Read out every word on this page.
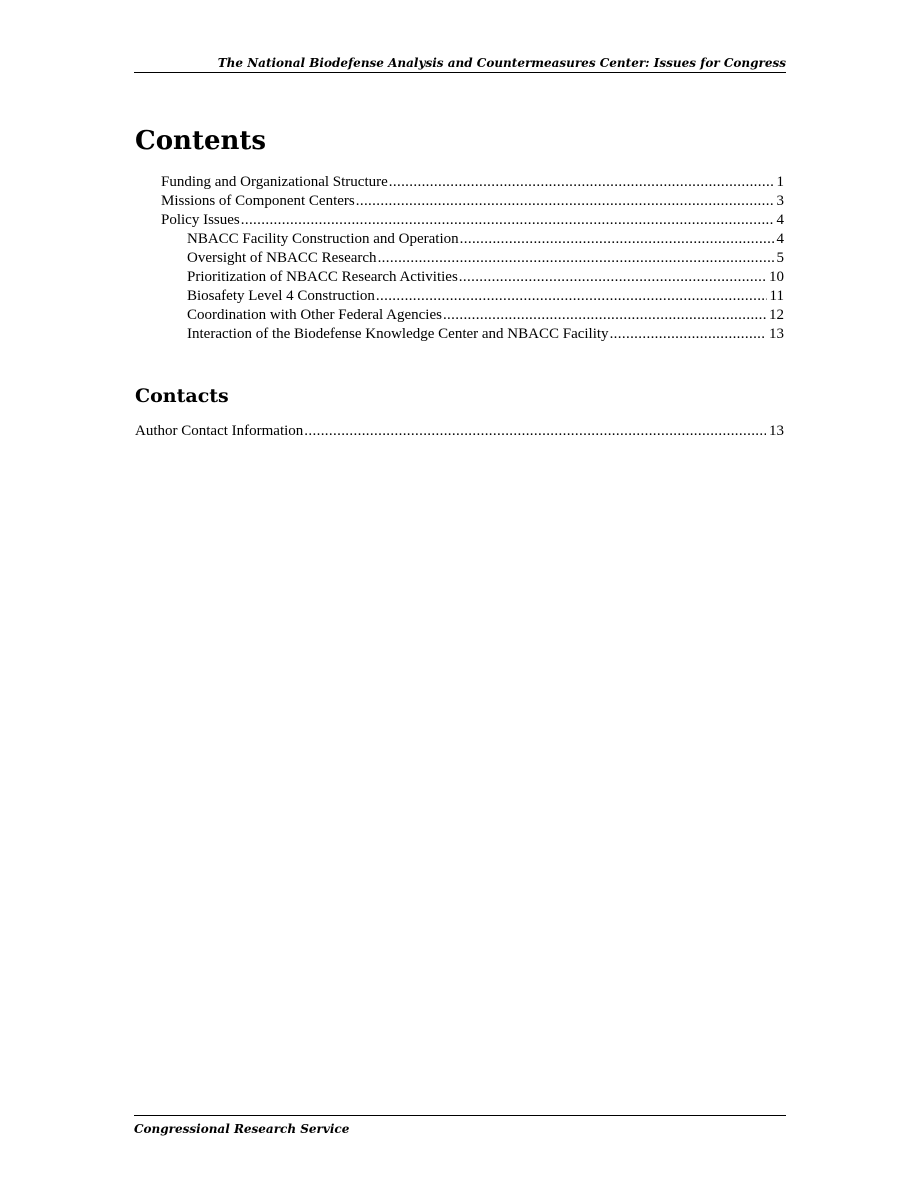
The National Biodefense Analysis and Countermeasures Center: Issues for Congress
Contents
Funding and Organizational Structure . . .	1
Missions of Component Centers . . .	3
Policy Issues . . .	4
NBACC Facility Construction and Operation . . .	4
Oversight of NBACC Research . . .	5
Prioritization of NBACC Research Activities . . .	10
Biosafety Level 4 Construction . . .	11
Coordination with Other Federal Agencies . . .	12
Interaction of the Biodefense Knowledge Center and NBACC Facility . . .	13
Author Contact Information . . .	13
Contacts
Congressional Research Service
